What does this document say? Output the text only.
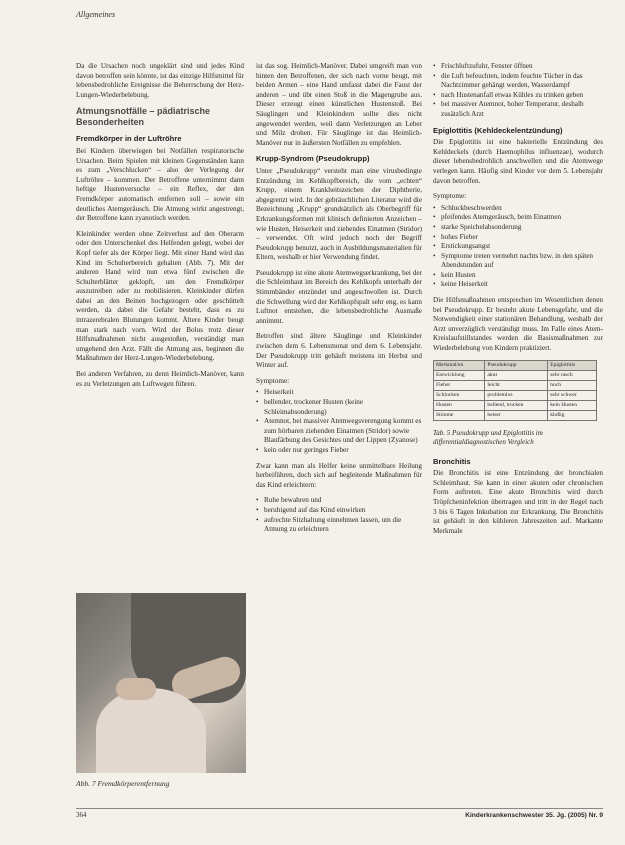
Allgemeines

Da die Ursachen noch ungeklärt sind und jedes Kind davon betroffen sein könnte, ist das einzige Hilfsmittel für lebensbedrohliche Ereignisse die Beherrschung der Herz-Lungen-Wiederbelebung.

Atmungsnotfälle – pädiatrische Besonderheiten
Fremdkörper in der Luftröhre

Bei Kindern überwiegen bei Notfällen respiratorische Ursachen. Beim Spielen mit kleinen Gegenständen kann es zum „Verschlucken“ – also der Verlegung der Luftröhre – kommen. Der Betroffene unternimmt dann heftige Hustenversuche – ein Reflex, der den Fremdkörper automatisch entfernen soll – sowie ein deutliches Atemgeräusch. Die Atmung wirkt angestrengt, der Betroffene kann zyanotisch werden.

Kleinkinder werden ohne Zeitverlust auf den Oberarm oder den Unterschenkel des Helfenden gelegt, wobei der Kopf tiefer als der Körper liegt. Mit einer Hand wird das Kind im Schulterbereich gehalten (Abb. 7). Mit der anderen Hand wird nun etwa fünf zwischen die Schulterblätter geklopft, um den Fremdkörper auszutreiben oder zu mobilisieren. Kleinkinder dürfen dabei an den Beinen hochgezogen oder geschüttelt werden, da dabei die Gefahr besteht, dass es zu intrazerebralen Blutungen kommt. Ältere Kinder beugt man stark nach vorn. Wird der Bolus trotz dieser Hilfsmaßnahmen nicht ausgestoßen, verständigt man umgehend den Arzt. Fällt die Atmung aus, beginnen die Maßnahmen der Herz-Lungen-Wiederbelebung.

Bei anderen Verfahren, zu denn Heimlich-Manöver, kann es zu Verletzungen am Luftwegen führen.

Abb. 7 Fremdkörperentfernung

ist das sog. Heimlich-Manöver. Dabei umgreift man von hinten den Betroffenen, der sich nach vorne beugt, mit beiden Armen – eine Hand umfasst dabei die Faust der anderen – und übt einen Stoß in die Magengrube aus. Dieser erzeugt einen künstlichen Hustenstoß. Bei Säuglingen und Kleinkindern sollte dies nicht angewendet werden, weil dann Verletzungen an Leber und Milz drohen. Für Säuglinge ist das Heimlich-Manöver nur in äußersten Notfällen zu empfehlen.

Krupp-Syndrom (Pseudokrupp)

Unter „Pseudokrupp“ versteht man eine virusbedingte Entzündung im Kehlkopfbereich, die vom „echten“ Krupp, einem Krankheitszeichen der Diphtherie, abgegrenzt wird. In der gebräuchlichen Literatur wird die Bezeichnung „Krupp“ grundsätzlich als Oberbegriff für Erkrankungsformen mit klinisch definierten Anzeichen – wie Husten, Heiserkeit und ziehendes Einatmen (Stridor) – verwendet. Oft wird jedoch noch der Begriff Pseudokrupp benutzt, auch in Ausbildungsmaterialien für Eltern, weshalb er hier Verwendung findet.

Pseudokrupp ist eine akute Atemwegserkrankung, bei der die Schleimhaut im Bereich des Kehlkopfs unterhalb der Stimmbänder entzündet und angeschwollen ist. Durch die Schwellung wird der Kehlkopfspalt sehr eng, es kann Luftnot entstehen, die lebensbedrohliche Ausmaße annimmt.

Betroffen sind ältere Säuglinge und Kleinkinder zwischen dem 6. Lebensmonat und dem 6. Lebensjahr. Der Pseudokrupp tritt gehäuft meistens im Herbst und Winter auf.

Symptome:
• Heiserkeit
• bellender, trockener Husten (keine Schleimabsonderung)
• Atemnot, bei massiver Atemwegsverengung kommt es zum hörbaren ziehenden Einatmen (Stridor) sowie Blaufärbung des Gesichtes und der Lippen (Zyanose)
• kein oder nur geringes Fieber

Zwar kann man als Helfer keine unmittelbare Heilung herbeiführen, doch sich auf begleitende Maßnahmen für das Kind erleichtern:

• Ruhe bewahren und
• beruhigend auf das Kind einwirken
• aufrechte Sitzhaltung einnehmen lassen, um die Atmung zu erleichtern
• Frischluftzufuhr, Fenster öffnen
• die Luft befeuchten, indem feuchte Tücher in das Nachtzimmer gehängt werden, Wasserdampf
• nach Hustenanfall etwas Kühles zu trinken geben
• bei massiver Atemnot, hoher Temperatur, deshalb zusätzlich Arzt
Epiglottitis (Kehldeckelentzündung)

Die Epiglottitis ist eine bakterielle Entzündung des Kehldeckels (durch Haemophilus influenzae), wodurch dieser lebensbedrohlich anschwellen und die Atemwege verlegen kann. Häufig sind Kinder vor dem 5. Lebensjahr davon betroffen.

Symptome:
• Schluckbeschwerden
• pfeifendes Atemgeräusch, beim Einatmen
• starke Speichelabsonderung
• hohes Fieber
• Erstickungsangst
• Symptome treten vermehrt nachts bzw. in den späten Abendstunden auf
• kein Husten
• keine Heiserkeit

Die Hilfsmaßnahmen entsprechen im Wesentlichen denen bei Pseudokrupp. Er besteht akute Lebensgefahr, und die Notwendigkeit einer stationären Behandlung, weshalb der Arzt unverzüglich verständigt muss. Im Falle eines Atem-Kreislaufstillstandes werden die Basismaßnahmen zur Wiederbelebung von Kindern praktiziert.

Merkmal/en	Pseudokrupp	Epiglottitis
Entwicklung	akut	sehr rasch
Fieber	leicht	hoch
Schlucken	problemlos	sehr schwer
Husten	bellend, trocken	kein Husten
Stimme	heiser	kloßig
Tab. 5 Pseudokrupp und Epiglottitis im differentialdiagnostischen Vergleich
Bronchitis

Die Bronchitis ist eine Entzündung der bronchialen Schleimhaut. Sie kann in einer akuten oder chronischen Form auftreten. Eine akute Bronchitis wird durch Tröpfcheninfektion übertragen und tritt in der Regel nach 3 bis 6 Tagen Inkubation zur Erkrankung. Die Bronchitis ist gehäuft in den kühleren Jahreszeiten auf. Markante Merkmale

364	Kinderkrankenschwester 35. Jg. (2005) Nr. 9
